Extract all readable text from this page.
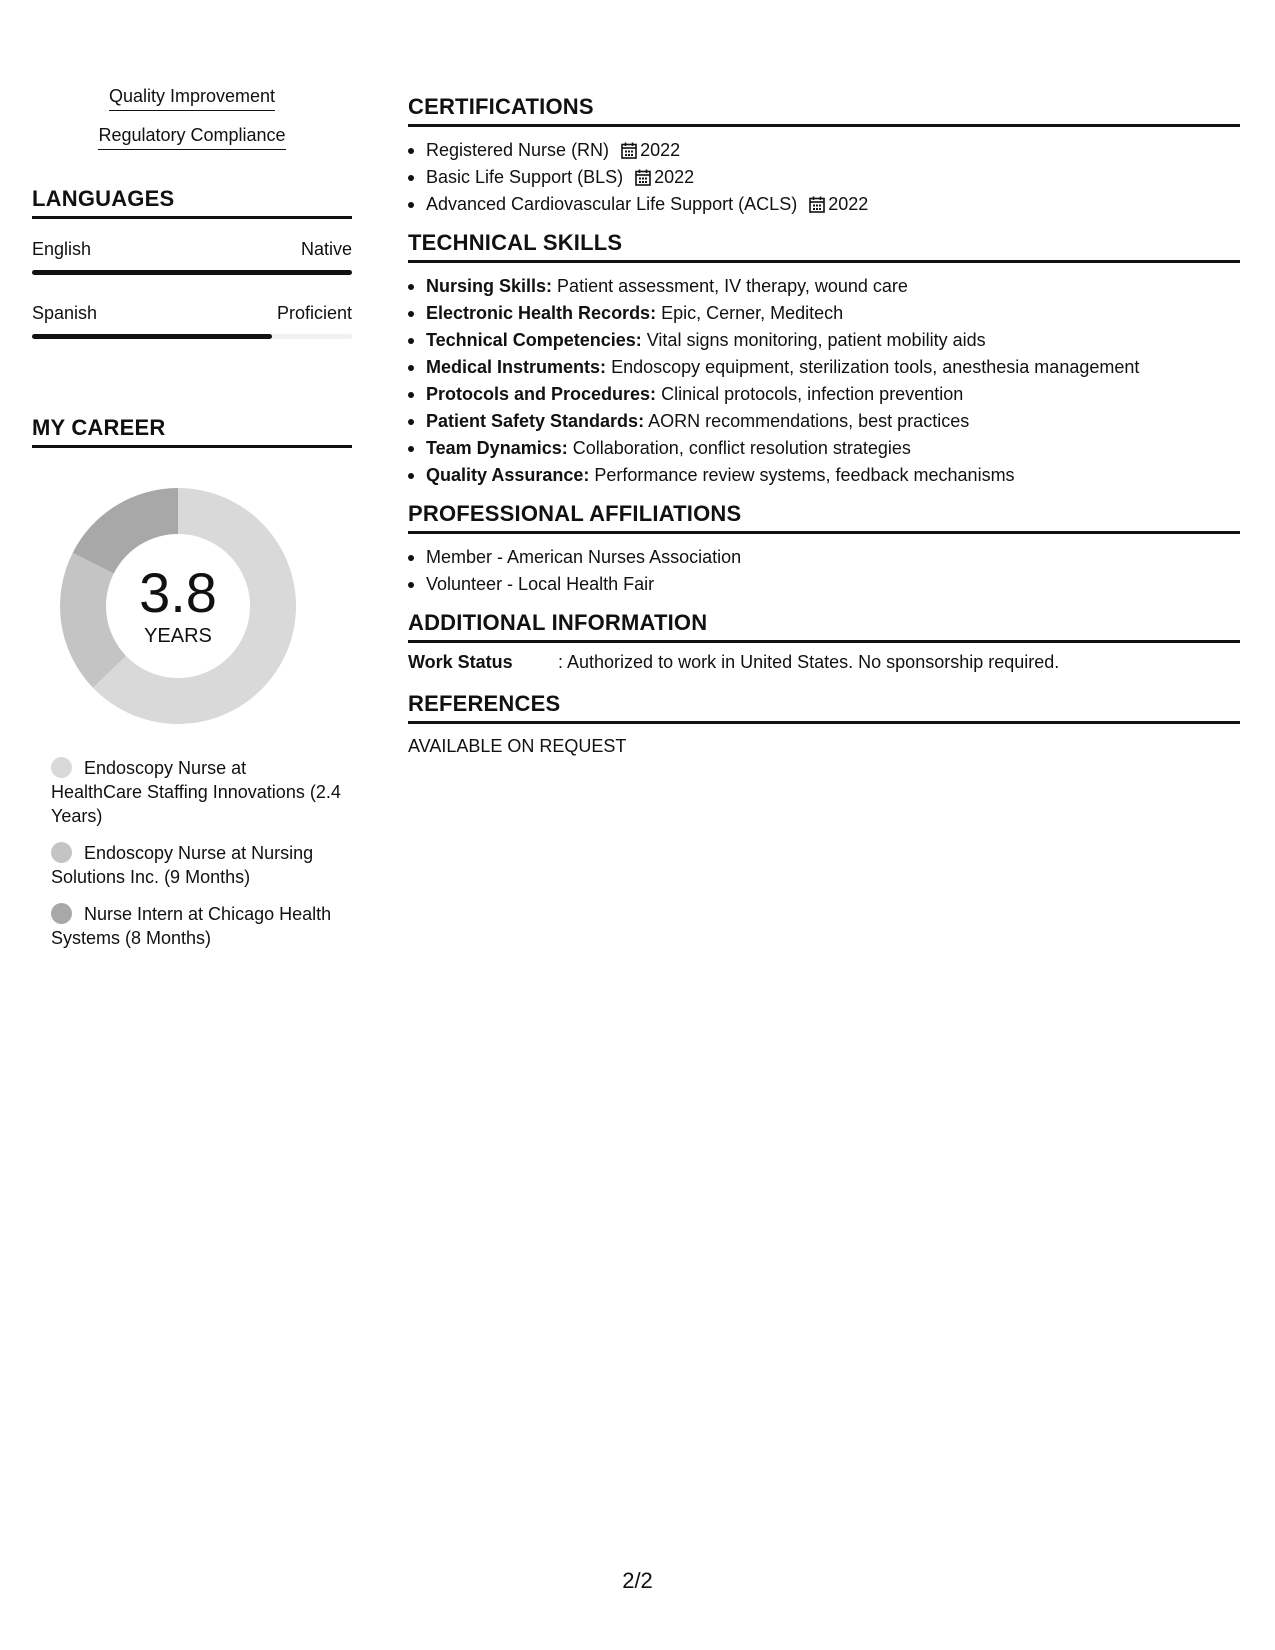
Quality Improvement
Regulatory Compliance
LANGUAGES
English	Native
Spanish	Proficient
MY CAREER
3.8
YEARS
Endoscopy Nurse at HealthCare Staffing Innovations (2.4 Years)
Endoscopy Nurse at Nursing Solutions Inc. (9 Months)
Nurse Intern at Chicago Health Systems (8 Months)
CERTIFICATIONS
Registered Nurse (RN) 2022
Basic Life Support (BLS) 2022
Advanced Cardiovascular Life Support (ACLS) 2022
TECHNICAL SKILLS
Nursing Skills: Patient assessment, IV therapy, wound care
Electronic Health Records: Epic, Cerner, Meditech
Technical Competencies: Vital signs monitoring, patient mobility aids
Medical Instruments: Endoscopy equipment, sterilization tools, anesthesia management
Protocols and Procedures: Clinical protocols, infection prevention
Patient Safety Standards: AORN recommendations, best practices
Team Dynamics: Collaboration, conflict resolution strategies
Quality Assurance: Performance review systems, feedback mechanisms
PROFESSIONAL AFFILIATIONS
Member - American Nurses Association
Volunteer - Local Health Fair
ADDITIONAL INFORMATION
Work Status	: Authorized to work in United States. No sponsorship required.
REFERENCES
AVAILABLE ON REQUEST
2/2
